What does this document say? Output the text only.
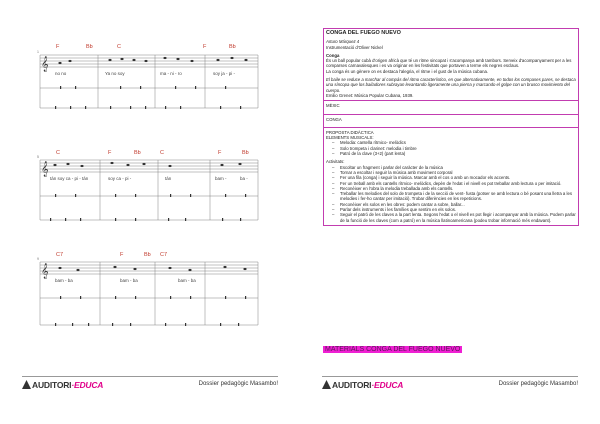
𝄞
𝄞
𝄞
F	Bb	C	F	Bb
1
no no	Ya no soy	ma - ni - ro	soy ja - pi -
C	F	Bb	C	F	Bb
5
tán soy ca - pi - tán	soy ca - pi -	tán	bam -	ba -
C7	F	Bb C7
9
bam - ba	bam - ba	bam - ba
AUDITORI·EDUCA	Dossier pedagògic Masambo!
CONGA DEL FUEGO NUEVO
Arturo Márquez 4
Instrumentació d'Oliver Nickel
Conga
És un ball popular cubà d'origen africà que té un ritme sincopat i s'acompanya amb tambors. Serveix d'acompanyament per a les comparses carnavalesques i es va originar en les festivitats que portaven a terme els negres esclaus.
La conga és un gènere on es destaca l'alegria, el ritme i el gust de la música cubana.
El baile se reduce a marchar al compás del ritmo característico, en que alternativamente, en todos los compases pares, se destaca una síncopa que los bailadores subrayan levantando ligeramente una pierna y marcando el golpe con un brusco movimiento del cuerpo.
Emilio Grenet: Música Popular Cubana, 1939.
MÈXIC
CONGA
PROPOSTA DIDÀCTICA
ELEMENTS MUSICALS:
– Melodia: cantella rítmico- melòdics
– Solo trompeta i clarinet: melodia i timbre
– Patró de la clave (3+2) (part lenta)
Activitats:
– Escoltar un fragment i parlar del caràcter de la música
– Tornar a escoltar i seguir la música amb moviment corporal
– Fer una fila (conga) i seguir la música. Marcar amb el cos o amb un mocador els accents.
– Fer un treball amb els cantells rítmico- melòdics, depèn de l'edat i el nivell es pot treballar amb lectura o per imitació.
– Reconèixer en l'obra la melodia treballada amb els cantells.
– Treballar les melodies del solo de trompeta i de la secció de vent- fusta (potser se amb lectura o bé posant una lletra a les melodies i fer-ho cantar per imitació). Trobar diferències en les repeticions.
– Reconèixer els solos en les obres: podem cantar a sobre, ballar...
– Parlar dels instruments i les famílies que sentim en els solos.
– Seguir el patró de les claves a la part lenta. Segons l'edat o el nivell es pot llegir i acompanyar amb la música. Podem parlar de la funció de les claves (com a patró) en la música llatinoamericana (podeu trobar informació més endavant).
MATERIALS CONGA DEL FUEGO NUEVO
AUDITORI·EDUCA	Dossier pedagògic Masambo!
